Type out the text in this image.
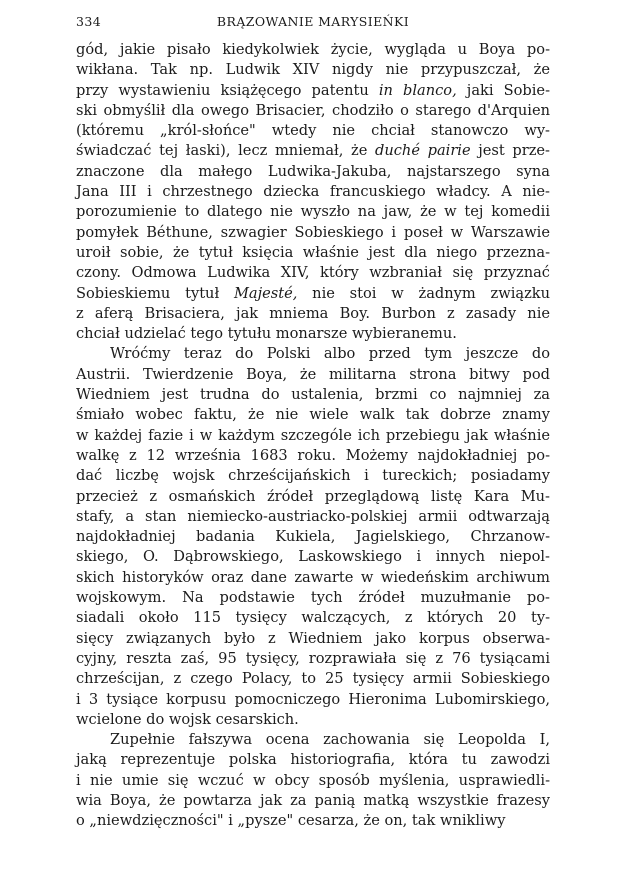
334	BRĄZOWANIE MARYSIEŃKI
gód, jakie pisało kiedykolwiek życie, wygląda u Boya po-
wikłana. Tak np. Ludwik XIV nigdy nie przypuszczał, że
przy wystawieniu książęcego patentu in blanco, jaki Sobie-
ski obmyślił dla owego Brisacier, chodziło o starego d'Arquien
(któremu „król-słońce" wtedy nie chciał stanowczo wy-
świadczać tej łaski), lecz mniemał, że duché pairie jest prze-
znaczone dla małego Ludwika-Jakuba, najstarszego syna
Jana III i chrzestnego dziecka francuskiego władcy. A nie-
porozumienie to dlatego nie wyszło na jaw, że w tej komedii
pomyłek Béthune, szwagier Sobieskiego i poseł w Warszawie
uroił sobie, że tytuł księcia właśnie jest dla niego przezna-
czony. Odmowa Ludwika XIV, który wzbraniał się przyznać
Sobieskiemu tytuł Majesté, nie stoi w żadnym związku
z aferą Brisaciera, jak mniema Boy. Burbon z zasady nie
chciał udzielać tego tytułu monarsze wybieranemu.
Wróćmy teraz do Polski albo przed tym jeszcze do
Austrii. Twierdzenie Boya, że militarna strona bitwy pod
Wiedniem jest trudna do ustalenia, brzmi co najmniej za
śmiało wobec faktu, że nie wiele walk tak dobrze znamy
w każdej fazie i w każdym szczególe ich przebiegu jak właśnie
walkę z 12 września 1683 roku. Możemy najdokładniej po-
dać liczbę wojsk chrześcijańskich i tureckich; posiadamy
przecież z osmańskich źródeł przeglądową listę Kara Mu-
stafy, a stan niemiecko-austriacko-polskiej armii odtwarzają
najdokładniej badania Kukiela, Jagielskiego, Chrzanow-
skiego, O. Dąbrowskiego, Laskowskiego i innych niepol-
skich historyków oraz dane zawarte w wiedeńskim archiwum
wojskowym. Na podstawie tych źródeł muzułmanie po-
siadali około 115 tysięcy walczących, z których 20 ty-
sięcy związanych było z Wiedniem jako korpus obserwa-
cyjny, reszta zaś, 95 tysięcy, rozprawiała się z 76 tysiącami
chrześcijan, z czego Polacy, to 25 tysięcy armii Sobieskiego
i 3 tysiące korpusu pomocniczego Hieronima Lubomirskiego,
wcielone do wojsk cesarskich.
Zupełnie fałszywa ocena zachowania się Leopolda I,
jaką reprezentuje polska historiografia, która tu zawodzi
i nie umie się wczuć w obcy sposób myślenia, usprawiedli-
wia Boya, że powtarza jak za panią matką wszystkie frazesy
o „niewdzięczności" i „pysze" cesarza, że on, tak wnikliwy
